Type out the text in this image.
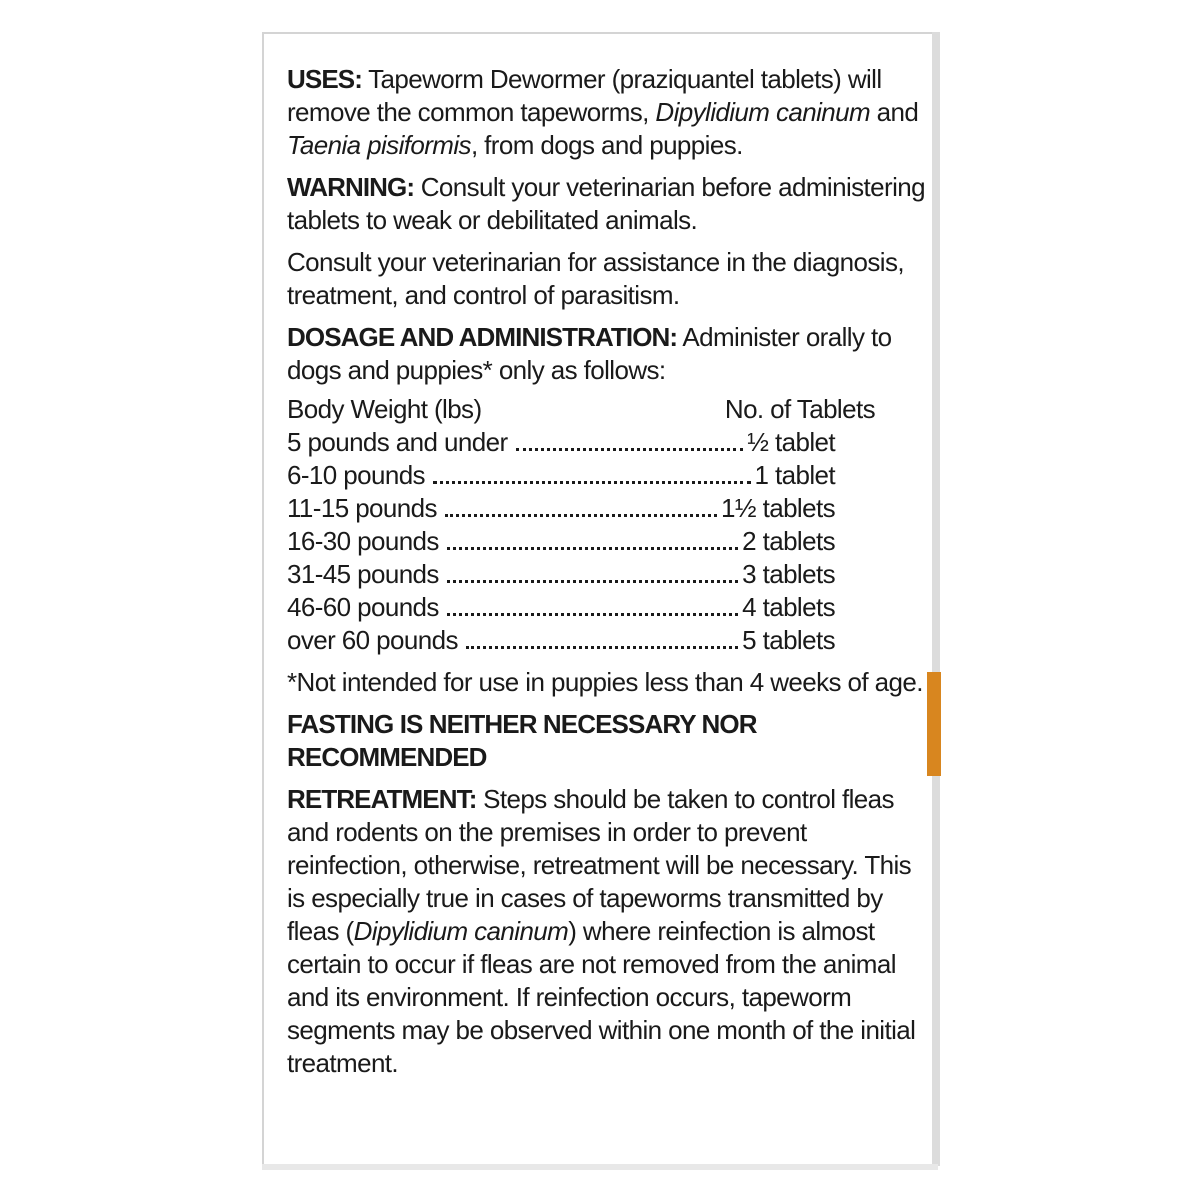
USES: Tapeworm Dewormer (praziquantel tablets) will remove the common tapeworms, Dipylidium caninum and Taenia pisiformis, from dogs and puppies.

WARNING: Consult your veterinarian before administering tablets to weak or debilitated animals.

Consult your veterinarian for assistance in the diagnosis, treatment, and control of parasitism.

DOSAGE AND ADMINISTRATION: Administer orally to dogs and puppies* only as follows:

Body Weight (lbs)	No. of Tablets
5 pounds and under	½ tablet
6-10 pounds	1 tablet
11-15 pounds	1½ tablets
16-30 pounds	2 tablets
31-45 pounds	3 tablets
46-60 pounds	4 tablets
over 60 pounds	5 tablets

*Not intended for use in puppies less than 4 weeks of age.

FASTING IS NEITHER NECESSARY NOR RECOMMENDED

RETREATMENT: Steps should be taken to control fleas and rodents on the premises in order to prevent reinfection, otherwise, retreatment will be necessary. This is especially true in cases of tapeworms transmitted by fleas (Dipylidium caninum) where reinfection is almost certain to occur if fleas are not removed from the animal and its environment. If reinfection occurs, tapeworm segments may be observed within one month of the initial treatment.
